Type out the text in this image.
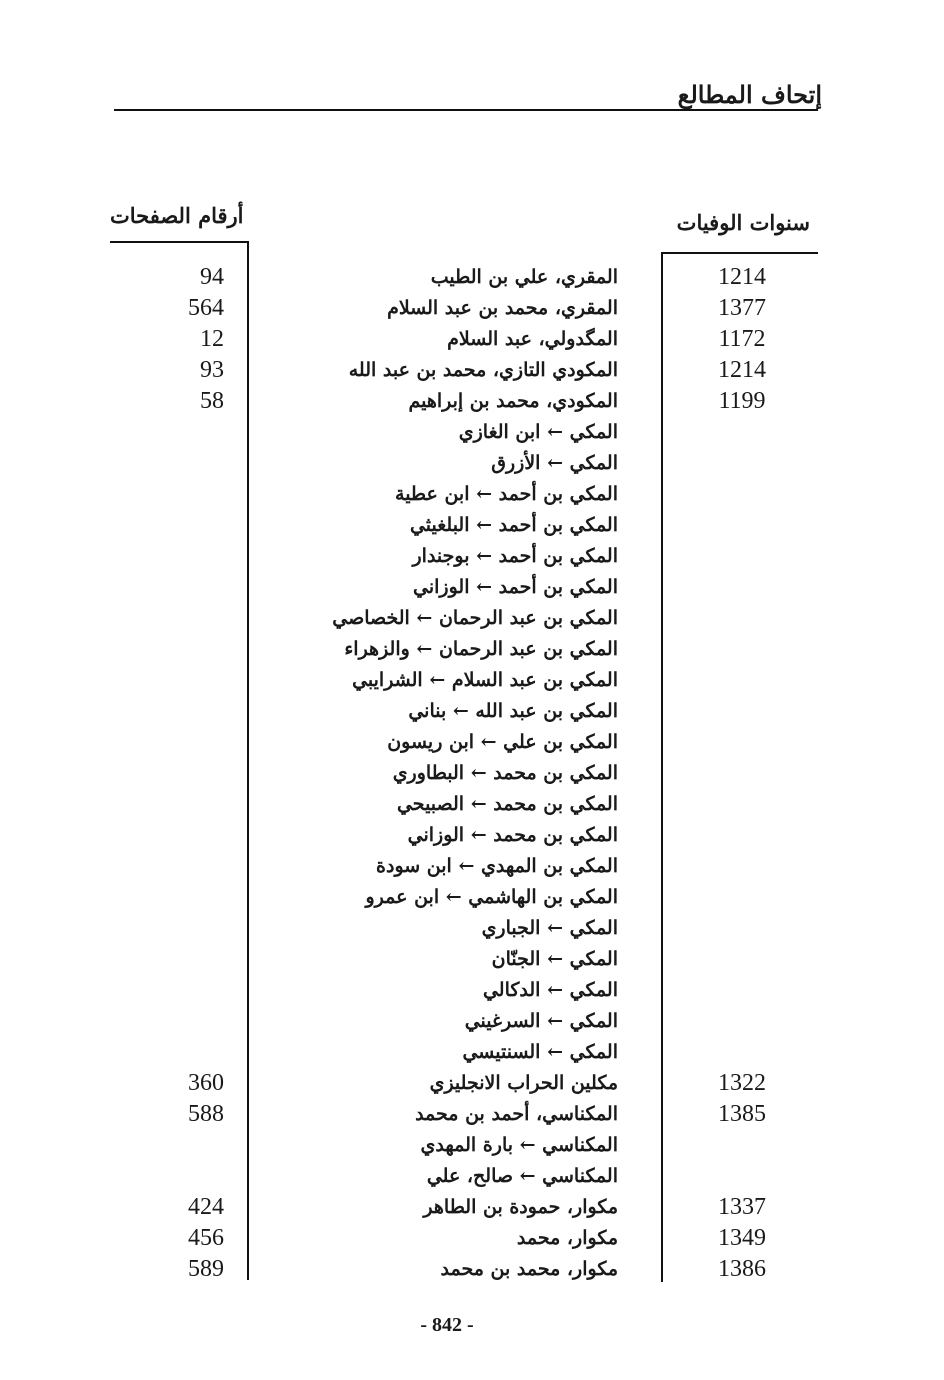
إتحاف المطالع
سنوات الوفيات
أرقام الصفحات
1214
المقري، علي بن الطيب
94
1377
المقري، محمد بن عبد السلام
564
1172
المگدولي، عبد السلام
12
1214
المكودي التازي، محمد بن عبد الله
93
1199
المكودي، محمد بن إبراهيم
58
المكي ← ابن الغازي
المكي ← الأزرق
المكي بن أحمد ← ابن عطية
المكي بن أحمد ← البلغيثي
المكي بن أحمد ← بوجندار
المكي بن أحمد ← الوزاني
المكي بن عبد الرحمان ← الخصاصي
المكي بن عبد الرحمان ← والزهراء
المكي بن عبد السلام ← الشرايبي
المكي بن عبد الله ← بناني
المكي بن علي ← ابن ريسون
المكي بن محمد ← البطاوري
المكي بن محمد ← الصبيحي
المكي بن محمد ← الوزاني
المكي بن المهدي ← ابن سودة
المكي بن الهاشمي ← ابن عمرو
المكي ← الجباري
المكي ← الجنّان
المكي ← الدكالي
المكي ← السرغيني
المكي ← السنتيسي
1322
مكلين الحراب الانجليزي
360
1385
المكناسي، أحمد بن محمد
588
المكناسي ← بارة المهدي
المكناسي ← صالح، علي
1337
مكوار، حمودة بن الطاهر
424
1349
مكوار، محمد
456
1386
مكوار، محمد بن محمد
589
- 842 -
